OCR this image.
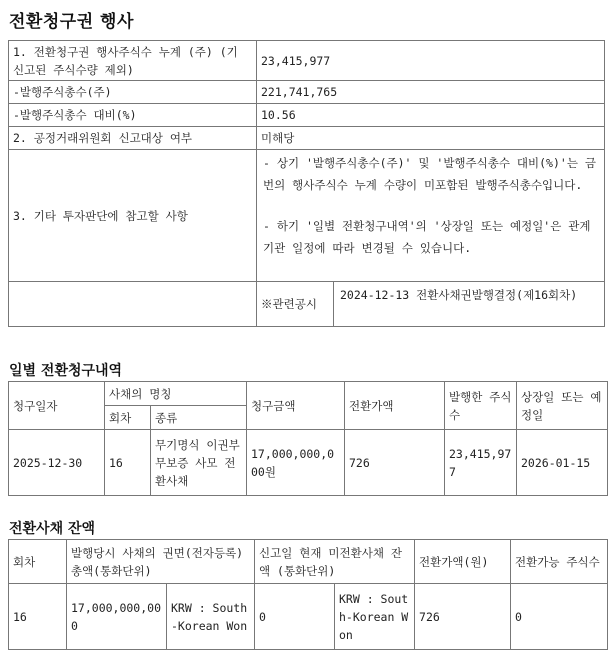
전환청구권 행사
1. 전환청구권 행사주식수 누계 (주) (기 신고된 주식수량 제외)	23,415,977
-발행주식총수(주)	221,741,765
-발행주식총수 대비(%)	10.56
2. 공정거래위원회 신고대상 여부	미해당
3. 기타 투자판단에 참고할 사항	

- 상기 '발행주식총수(주)' 및 '발행주식총수 대비(%)'는 금번의 행사주식수 누계 수량이 미포함된 발행주식총수입니다.

- 하기 '일별 전환청구내역'의 '상장일 또는 예정일'은 관계기관 일정에 따라 변경될 수 있습니다.

※관련공시	2024-12-13 전환사채권발행결정(제16회차)
일별 전환청구내역
청구일자	사채의 명칭		청구금액	전환가액	발행한 주식수	상장일 또는 예정일
	회차	종류				
2025-12-30	16	무기명식 이권부 무보증 사모 전환사채	17,000,000,000원	726	23,415,977	2026-01-15
전환사채 잔액
회차	발행당시 사채의 권면(전자등록)총액(통화단위)		신고일 현재 미전환사채 잔액 (통화단위)		전환가액(원)	전환가능 주식수
16	17,000,000,000	KRW : South-Korean Won	0	KRW : South-Korean Won	726	0
